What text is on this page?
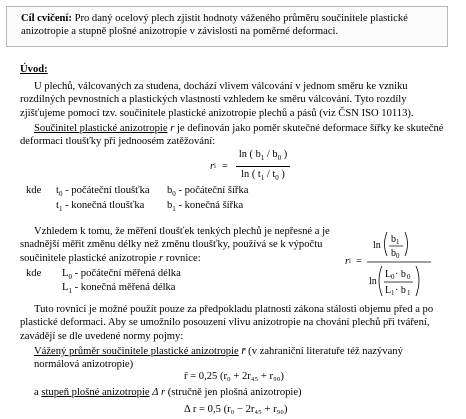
Cíl cvičení: Pro daný ocelový plech zjistit hodnoty váženého průměru součinitele plastické anizotropie a stupně plošné anizotropie v závislosti na poměrné deformaci.

Úvod:

U plechů, válcovaných za studena, dochází vlivem válcování v jednom směru ke vzniku rozdílných pevnostních a plastických vlastností vzhledem ke směru válcování. Tyto rozdíly zjišťujeme pomocí tzv. součinitele plastické anizotropie plechů a pásů (viz ČSN ISO 10113).

Součinitel plastické anizotropie r je definován jako poměr skutečné deformace šířky ke skutečné deformaci tloušťky při jednoosém zatěžování:

r $i = \frac{\ln ( b_1 / b_0 )}{\ln ( t_1 / t_0 )}$
kde $t_0$ - počáteční tloušťka $b_0$ - počáteční šířka
$t_1$ - konečná tloušťka $b_1$ - konečná šířka

Vzhledem k tomu, že měření tloušťek tenkých plechů je nepřesné a je snadnější měřit změnu délky než změnu tloušťky, používá se k výpočtu součinitele plastické anizotropie r rovnice:	r i =
ln
b 1
b 0
ln
L 0 · b 0
L 1 · b 1
kde $L_0$ - počáteční měřená délka
$L_1$ - konečná měřená délka

Tuto rovnici je možné použít pouze za předpokladu platnosti zákona stálosti objemu před a po plastické deformaci. Aby se umožnilo posouzení vlivu anizotropie na chování plechů při tváření, zavádějí se dle uvedené normy pojmy:

Vážený průměr součinitele plastické anizotropie r̄ (v zahraniční literatuře též nazývaný normálová anizotropie)

r̄ = 0,25 (r₀ + 2r₄₅ + r₉₀)

a stupeň plošné anizotropie Δ r (stručně jen plošná anizotropie)

Δ r = 0,5 (r₀ − 2r₄₅ + r₉₀)
